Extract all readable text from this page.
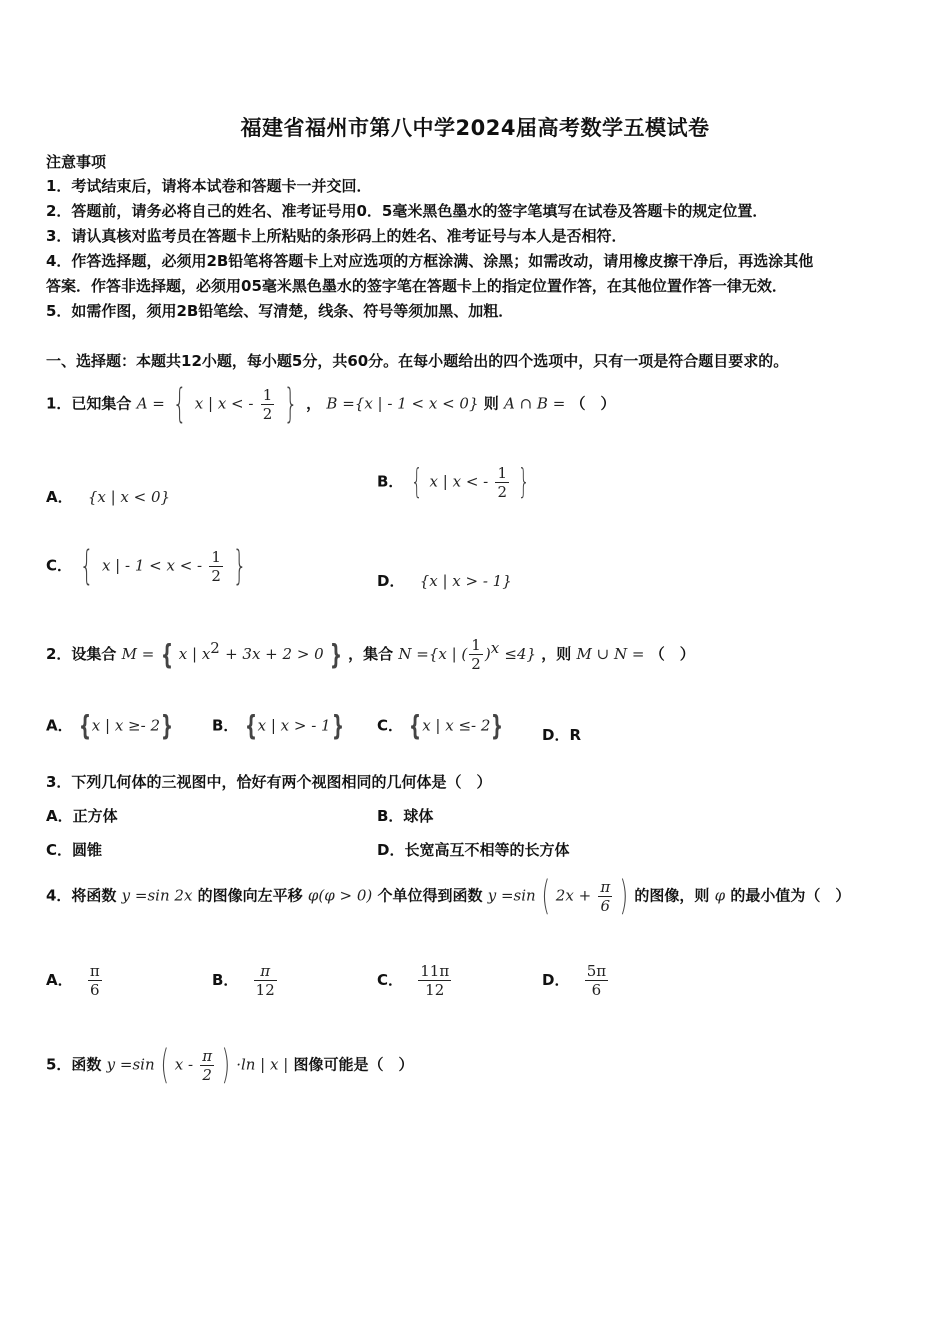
福建省福州市第八中学2024届高考数学五模试卷
注意事项
1．考试结束后，请将本试卷和答题卡一并交回．
2．答题前，请务必将自己的姓名、准考证号用0．5毫米黑色墨水的签字笔填写在试卷及答题卡的规定位置．
3．请认真核对监考员在答题卡上所粘贴的条形码上的姓名、准考证号与本人是否相符．
4．作答选择题，必须用2B铅笔将答题卡上对应选项的方框涂满、涂黑；如需改动，请用橡皮擦干净后，再选涂其他
答案．作答非选择题，必须用05毫米黑色墨水的签字笔在答题卡上的指定位置作答，在其他位置作答一律无效．
5．如需作图，须用2B铅笔绘、写清楚，线条、符号等须加黑、加粗．
一、选择题：本题共12小题，每小题5分，共60分。在每小题给出的四个选项中，只有一项是符合题目要求的。
1．已知集合 A = { x | x < - $\frac{1}{2}$ } ， B ={x | - 1 < x < 0} 则 A ∩ B = （　）
A． {x | x < 0}
B． { x | x < - $\frac{1}{2}$ }
C． { x | - 1 < x < - $\frac{1}{2}$ }	D． {x | x > - 1}
2．设集合 M = { x | $x^2 + 3x + 2 > 0$ } ，集合 N ={x | ( $\frac{1}{2} )^x \le 4$} ，则 M ∪ N = （　）
A． {x | x ≥- 2}	B． {x | x > - 1} C． {x | x ≤- 2}	D．R
3．下列几何体的三视图中，恰好有两个视图相同的几何体是（　）
A．正方体	B．球体
C．圆锥	D．长宽高互不相等的长方体
4．将函数 y =sin 2x 的图像向左平移 φ(φ > 0) 个单位得到函数 y =sin ( $2x + \frac{\pi}{6}$ ) 的图像，则 φ 的最小值为（　）
A． $\frac{\pi}{6}$	B． $\frac{\pi}{12}$	C． $\frac{11\pi}{12}$	D． $\frac{5\pi}{6}$
5．函数 y =sin ( x - $\frac{\pi}{2}$ ) ·ln | x | 图像可能是（　）
